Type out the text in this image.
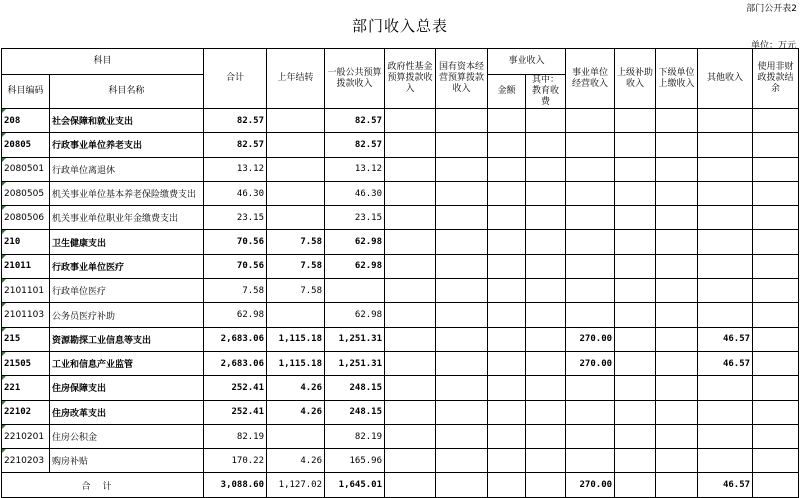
部门公开表2
部门收入总表
单位：万元
科目		合计	上年结转	一般公共预算拨款收入	政府性基金预算拨款收入	国有资本经营预算拨款收入	事业收入		事业单位经营收入	上级补助收入	下级单位上缴收入	其他收入	使用非财政拨款结余
科目编码	科目名称						金额	其中：教育收费					
208	社会保障和就业支出	82.57		82.57									
20805	行政事业单位养老支出	82.57		82.57									
2080501	行政单位离退休	13.12		13.12									
2080505	机关事业单位基本养老保险缴费支出	46.30		46.30									
2080506	机关事业单位职业年金缴费支出	23.15		23.15									
210	卫生健康支出	70.56	7.58	62.98									
21011	行政事业单位医疗	70.56	7.58	62.98									
2101101	行政单位医疗	7.58	7.58										
2101103	公务员医疗补助	62.98		62.98									
215	资源勘探工业信息等支出	2,683.06	1,115.18	1,251.31					270.00			46.57	
21505	工业和信息产业监管	2,683.06	1,115.18	1,251.31					270.00			46.57	
221	住房保障支出	252.41	4.26	248.15									
22102	住房改革支出	252.41	4.26	248.15									
2210201	住房公积金	82.19		82.19									
2210203	购房补贴	170.22	4.26	165.96									
合计		3,088.60	1,127.02	1,645.01					270.00			46.57	
